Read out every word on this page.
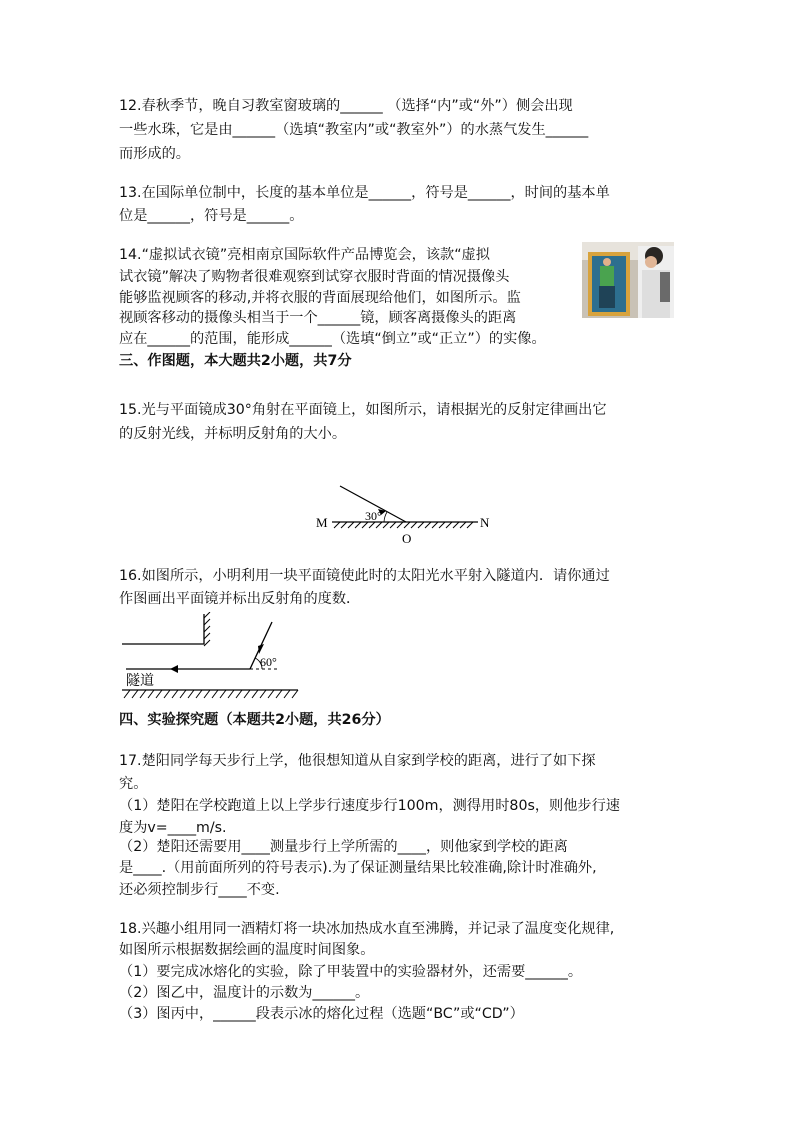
12.春秋季节，晚自习教室窗玻璃的______ （选择“内”或“外”）侧会出现
一些水珠，它是由______（选填“教室内”或“教室外”）的水蒸气发生______
而形成的。
13.在国际单位制中，长度的基本单位是______，符号是______，时间的基本单
位是______，符号是______。
14.“虚拟试衣镜”亮相南京国际软件产品博览会，该款“虚拟
试衣镜”解决了购物者很难观察到试穿衣服时背面的情况摄像头
能够监视顾客的移动,并将衣服的背面展现给他们，如图所示。监
视顾客移动的摄像头相当于一个______镜，顾客离摄像头的距离
应在______的范围，能形成______（选填“倒立”或“正立”）的实像。
三、作图题，本大题共2小题，共7分
15.光与平面镜成30°角射在平面镜上，如图所示，请根据光的反射定律画出它
的反射光线，并标明反射角的大小。
30°
M	N
O
16.如图所示，小明利用一块平面镜使此时的太阳光水平射入隧道内．请你通过
作图画出平面镜并标出反射角的度数．
60°
隧道
四、实验探究题（本题共2小题，共26分）
17.楚阳同学每天步行上学，他很想知道从自家到学校的距离，进行了如下探
究。
（1）楚阳在学校跑道上以上学步行速度步行100m，测得用时80s，则他步行速
度为v=____m/s.
（2）楚阳还需要用____测量步行上学所需的____，则他家到学校的距离
是____.（用前面所列的符号表示).为了保证测量结果比较准确,除计时准确外,
还必须控制步行____不变.
18.兴趣小组用同一酒精灯将一块冰加热成水直至沸腾，并记录了温度变化规律,
如图所示根据数据绘画的温度时间图象。
（1）要完成冰熔化的实验，除了甲装置中的实验器材外，还需要______。
（2）图乙中，温度计的示数为______。
（3）图丙中，______段表示冰的熔化过程（选题“BC”或“CD”）
